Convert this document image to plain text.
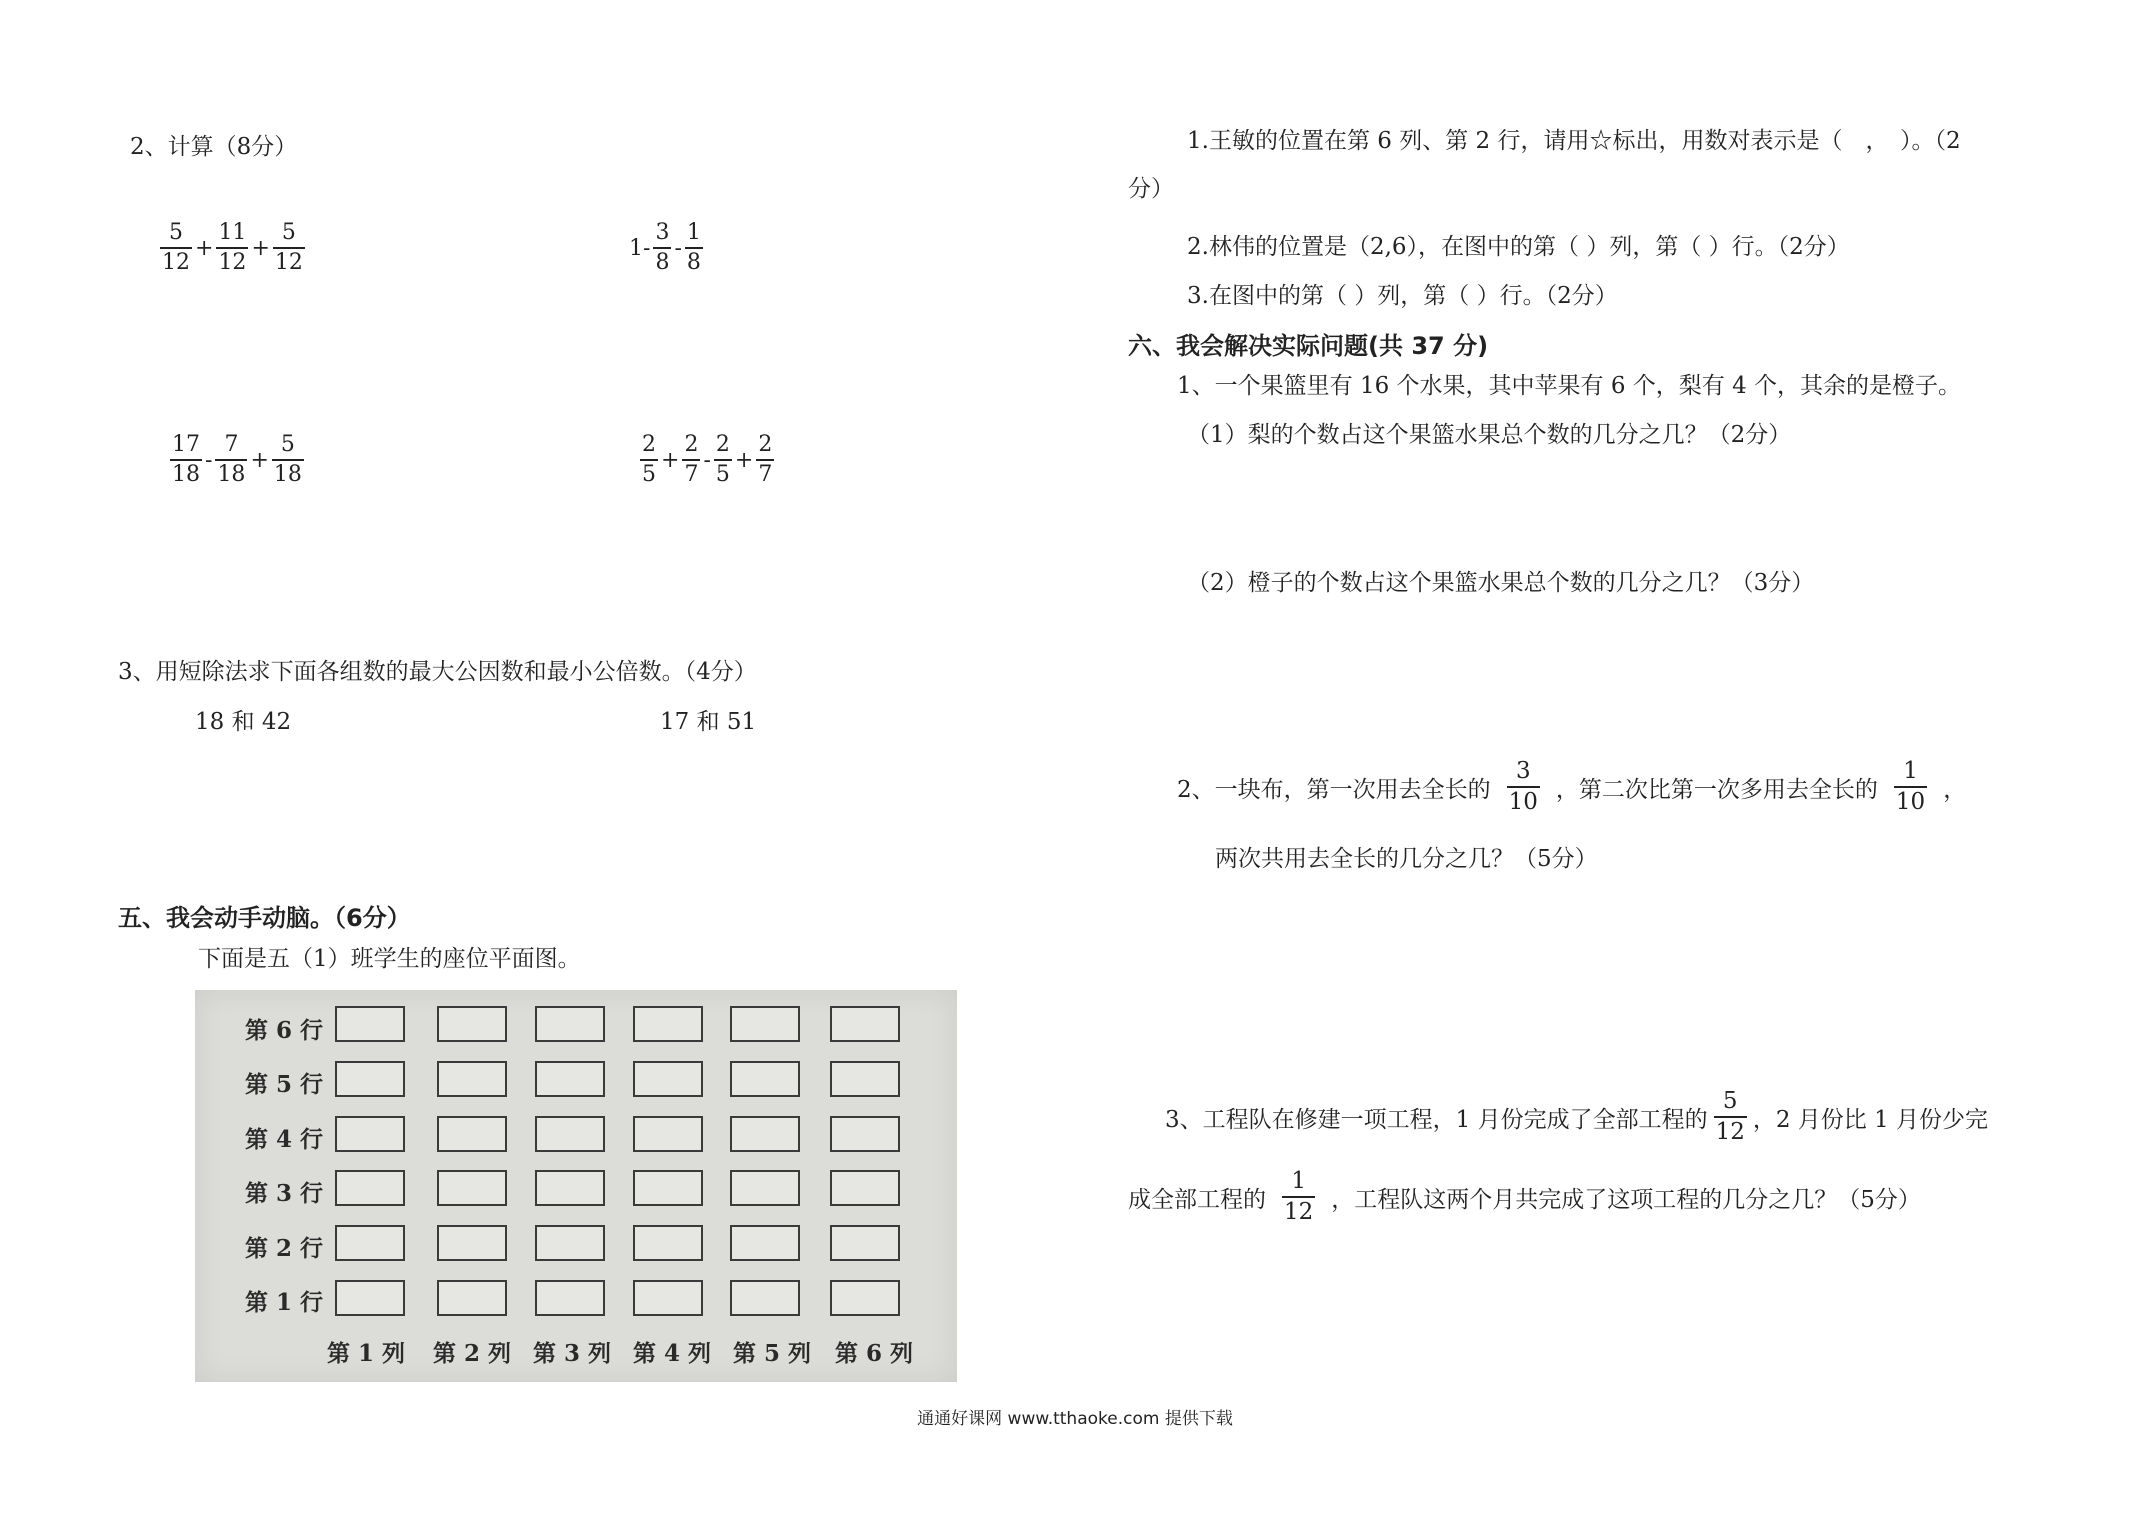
2、计算（8分）
$\frac{5}{12} + \frac{11}{12} + \frac{5}{12}$	$1- \frac{3}{8} - \frac{1}{8}$
$\frac{17}{18} - \frac{7}{18} + \frac{5}{18}$	$\frac{2}{5} + \frac{2}{7} - \frac{2}{5} + \frac{2}{7}$
3、用短除法求下面各组数的最大公因数和最小公倍数。（4分）
18 和 42	17 和 51
五、我会动手动脑。（6分）
下面是五（1）班学生的座位平面图。
第 6 行
第 5 行
第 4 行
第 3 行
第 2 行
第 1 行
第 1 列 第 2 列 第 3 列 第 4 列 第 5 列 第 6 列
1.王敏的位置在第 6 列、第 2 行，请用☆标出，用数对表示是（　，　）。（2
分）
2.林伟的位置是（2,6），在图中的第（ ）列，第（ ）行。（2分）
3.在图中的第（ ）列，第（ ）行。（2分）
六、我会解决实际问题(共 37 分)
1、一个果篮里有 16 个水果，其中苹果有 6 个，梨有 4 个，其余的是橙子。
（1）梨的个数占这个果篮水果总个数的几分之几？（2分）
（2）橙子的个数占这个果篮水果总个数的几分之几？（3分）
2、一块布，第一次用去全长的 $\frac{3}{10}$ ，第二次比第一次多用去全长的 $\frac{1}{10}$ ，
两次共用去全长的几分之几？（5分）
3、工程队在修建一项工程，1 月份完成了全部工程的 $\frac{5}{12}$ ，2 月份比 1 月份少完
成全部工程的 $\frac{1}{12}$ ，工程队这两个月共完成了这项工程的几分之几？（5分）
通通好课网 www.tthaoke.com 提供下载
